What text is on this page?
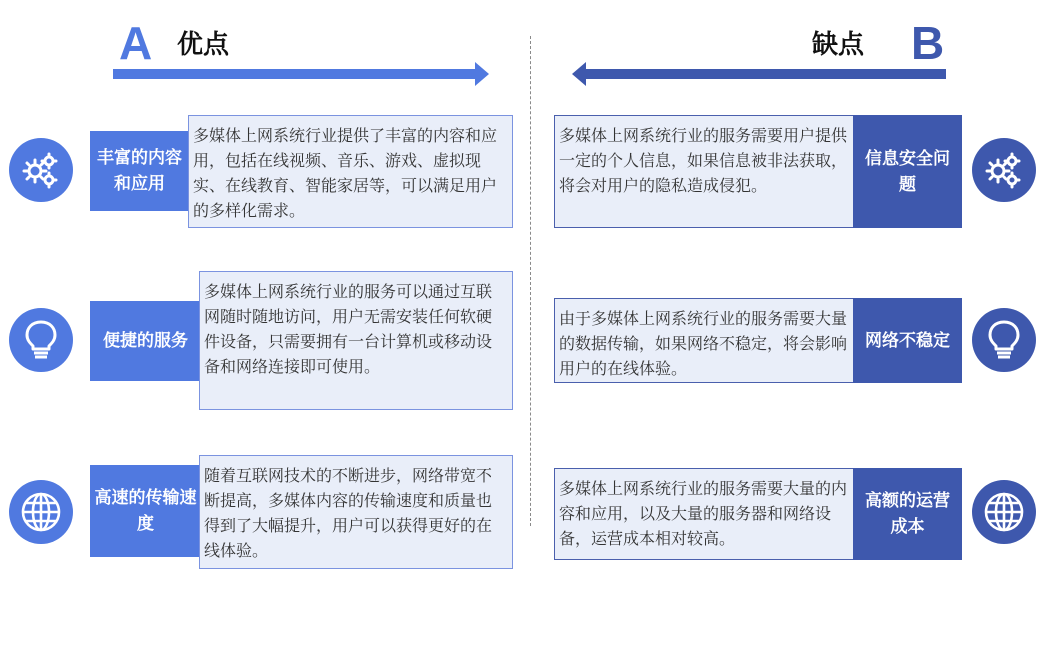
A 优点	缺点 B
丰富的内容和应用
多媒体上网系统行业提供了丰富的内容和应用，包括在线视频、音乐、游戏、虚拟现实、在线教育、智能家居等，可以满足用户的多样化需求。
便捷的服务
多媒体上网系统行业的服务可以通过互联网随时随地访问，用户无需安装任何软硬件设备，只需要拥有一台计算机或移动设备和网络连接即可使用。
高速的传输速度
随着互联网技术的不断进步，网络带宽不断提高，多媒体内容的传输速度和质量也得到了大幅提升，用户可以获得更好的在线体验。
多媒体上网系统行业的服务需要用户提供一定的个人信息，如果信息被非法获取，将会对用户的隐私造成侵犯。
信息安全问题
由于多媒体上网系统行业的服务需要大量的数据传输，如果网络不稳定，将会影响用户的在线体验。
网络不稳定
多媒体上网系统行业的服务需要大量的内容和应用，以及大量的服务器和网络设备，运营成本相对较高。
高额的运营成本
